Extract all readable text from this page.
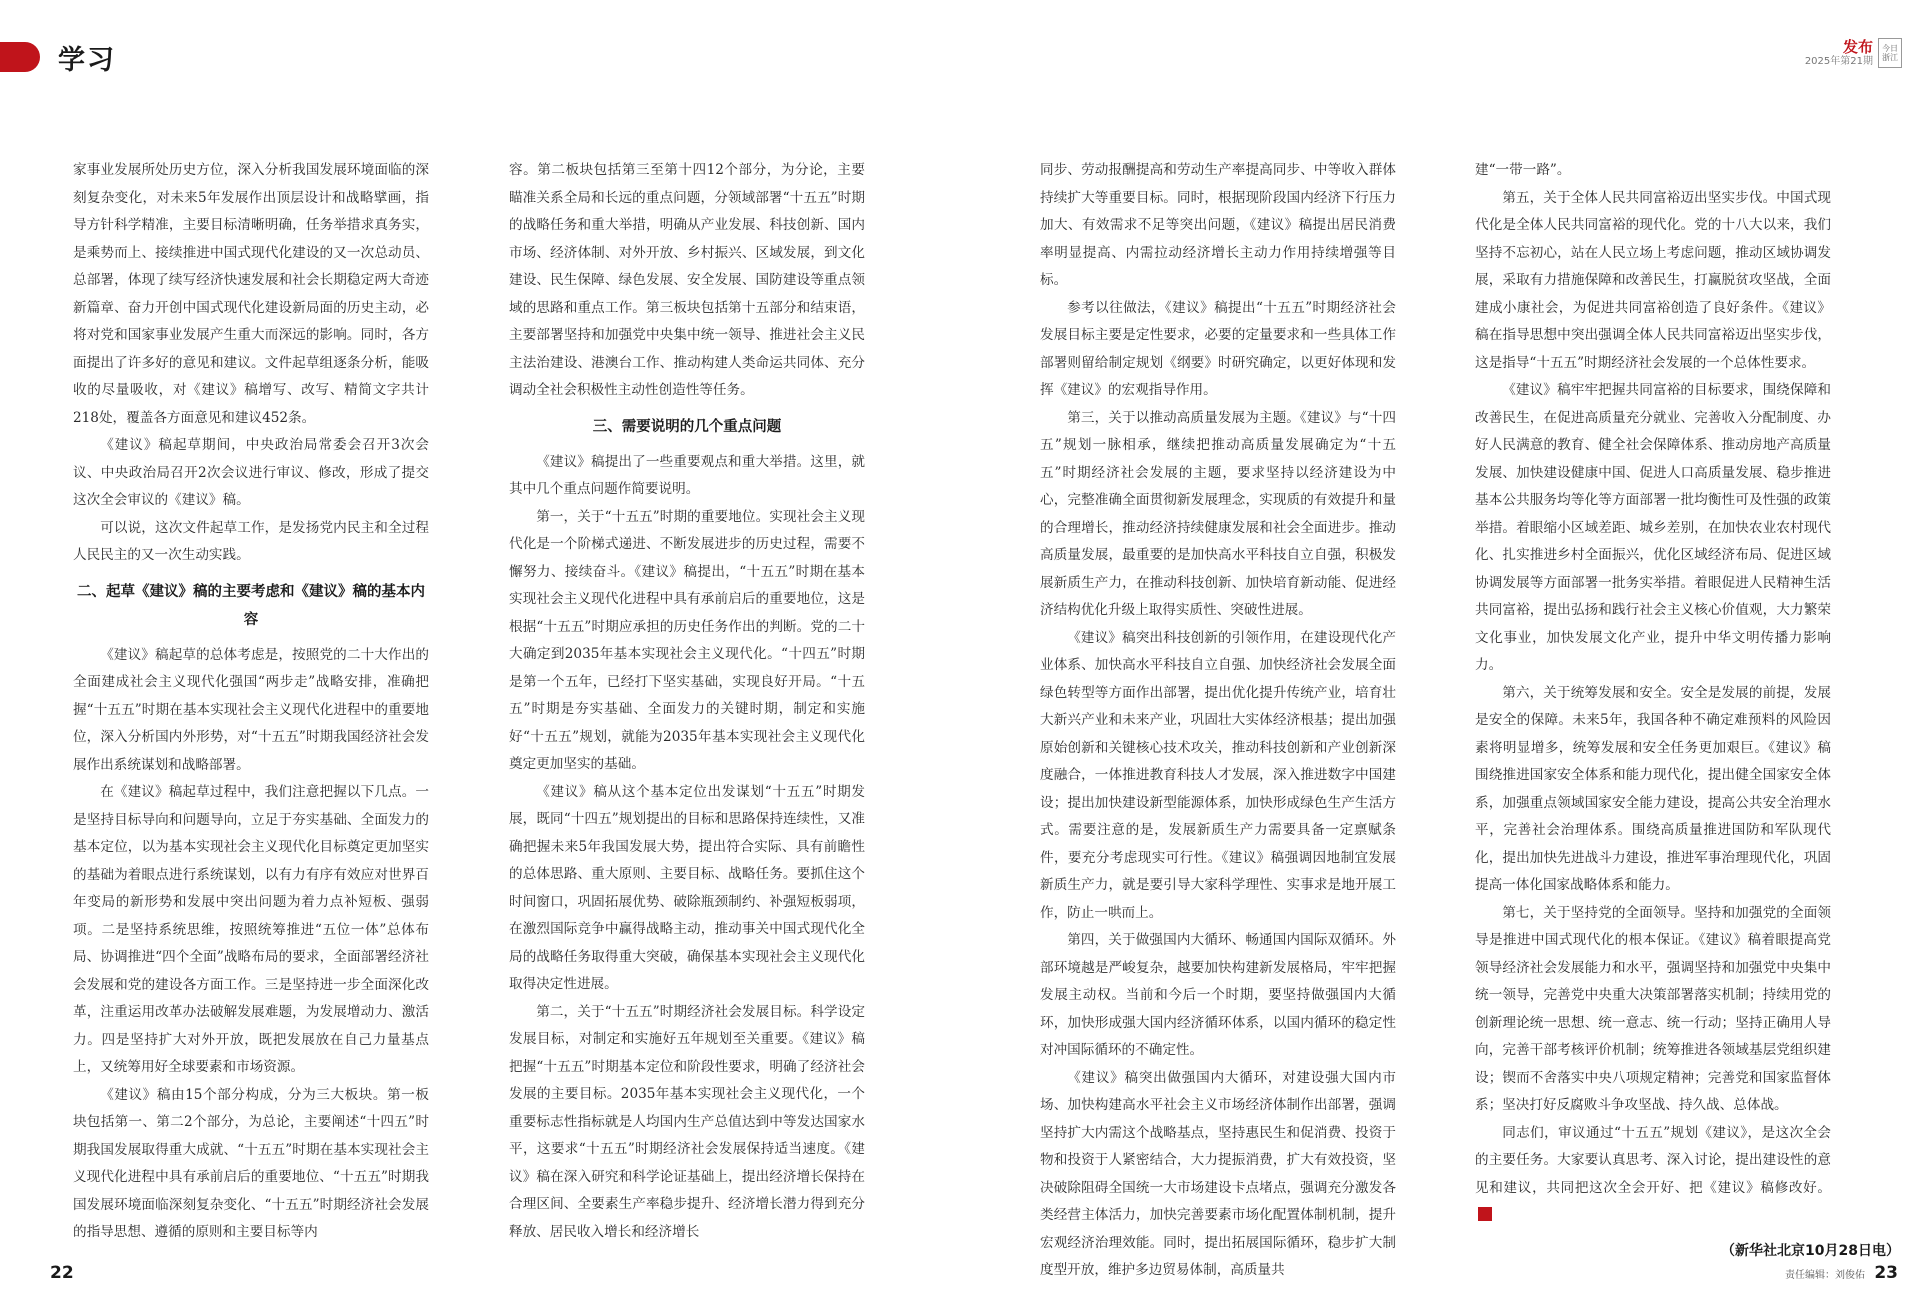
学习	发布
2025年第21期
今日
浙江

家事业发展所处历史方位，深入分析我国发展环境面临的深刻复杂变化，对未来5年发展作出顶层设计和战略擘画，指导方针科学精准，主要目标清晰明确，任务举措求真务实，是乘势而上、接续推进中国式现代化建设的又一次总动员、总部署，体现了续写经济快速发展和社会长期稳定两大奇迹新篇章、奋力开创中国式现代化建设新局面的历史主动，必将对党和国家事业发展产生重大而深远的影响。同时，各方面提出了许多好的意见和建议。文件起草组逐条分析，能吸收的尽量吸收，对《建议》稿增写、改写、精简文字共计218处，覆盖各方面意见和建议452条。

《建议》稿起草期间，中央政治局常委会召开3次会议、中央政治局召开2次会议进行审议、修改，形成了提交这次全会审议的《建议》稿。

可以说，这次文件起草工作，是发扬党内民主和全过程人民民主的又一次生动实践。

二、起草《建议》稿的主要考虑和《建议》稿的基本内容

《建议》稿起草的总体考虑是，按照党的二十大作出的全面建成社会主义现代化强国“两步走”战略安排，准确把握“十五五”时期在基本实现社会主义现代化进程中的重要地位，深入分析国内外形势，对“十五五”时期我国经济社会发展作出系统谋划和战略部署。

在《建议》稿起草过程中，我们注意把握以下几点。一是坚持目标导向和问题导向，立足于夯实基础、全面发力的基本定位，以为基本实现社会主义现代化目标奠定更加坚实的基础为着眼点进行系统谋划，以有力有序有效应对世界百年变局的新形势和发展中突出问题为着力点补短板、强弱项。二是坚持系统思维，按照统筹推进“五位一体”总体布局、协调推进“四个全面”战略布局的要求，全面部署经济社会发展和党的建设各方面工作。三是坚持进一步全面深化改革，注重运用改革办法破解发展难题，为发展增动力、激活力。四是坚持扩大对外开放，既把发展放在自己力量基点上，又统筹用好全球要素和市场资源。

《建议》稿由15个部分构成，分为三大板块。第一板块包括第一、第二2个部分，为总论，主要阐述“十四五”时期我国发展取得重大成就、“十五五”时期在基本实现社会主义现代化进程中具有承前启后的重要地位、“十五五”时期我国发展环境面临深刻复杂变化、“十五五”时期经济社会发展的指导思想、遵循的原则和主要目标等内

容。第二板块包括第三至第十四12个部分，为分论，主要瞄准关系全局和长远的重点问题，分领域部署“十五五”时期的战略任务和重大举措，明确从产业发展、科技创新、国内市场、经济体制、对外开放、乡村振兴、区域发展，到文化建设、民生保障、绿色发展、安全发展、国防建设等重点领域的思路和重点工作。第三板块包括第十五部分和结束语，主要部署坚持和加强党中央集中统一领导、推进社会主义民主法治建设、港澳台工作、推动构建人类命运共同体、充分调动全社会积极性主动性创造性等任务。

三、需要说明的几个重点问题

《建议》稿提出了一些重要观点和重大举措。这里，就其中几个重点问题作简要说明。

第一，关于“十五五”时期的重要地位。实现社会主义现代化是一个阶梯式递进、不断发展进步的历史过程，需要不懈努力、接续奋斗。《建议》稿提出，“十五五”时期在基本实现社会主义现代化进程中具有承前启后的重要地位，这是根据“十五五”时期应承担的历史任务作出的判断。党的二十大确定到2035年基本实现社会主义现代化。“十四五”时期是第一个五年，已经打下坚实基础，实现良好开局。“十五五”时期是夯实基础、全面发力的关键时期，制定和实施好“十五五”规划，就能为2035年基本实现社会主义现代化奠定更加坚实的基础。

《建议》稿从这个基本定位出发谋划“十五五”时期发展，既同“十四五”规划提出的目标和思路保持连续性，又准确把握未来5年我国发展大势，提出符合实际、具有前瞻性的总体思路、重大原则、主要目标、战略任务。要抓住这个时间窗口，巩固拓展优势、破除瓶颈制约、补强短板弱项，在激烈国际竞争中赢得战略主动，推动事关中国式现代化全局的战略任务取得重大突破，确保基本实现社会主义现代化取得决定性进展。

第二，关于“十五五”时期经济社会发展目标。科学设定发展目标，对制定和实施好五年规划至关重要。《建议》稿把握“十五五”时期基本定位和阶段性要求，明确了经济社会发展的主要目标。2035年基本实现社会主义现代化，一个重要标志性指标就是人均国内生产总值达到中等发达国家水平，这要求“十五五”时期经济社会发展保持适当速度。《建议》稿在深入研究和科学论证基础上，提出经济增长保持在合理区间、全要素生产率稳步提升、经济增长潜力得到充分释放、居民收入增长和经济增长

同步、劳动报酬提高和劳动生产率提高同步、中等收入群体持续扩大等重要目标。同时，根据现阶段国内经济下行压力加大、有效需求不足等突出问题，《建议》稿提出居民消费率明显提高、内需拉动经济增长主动力作用持续增强等目标。

参考以往做法，《建议》稿提出“十五五”时期经济社会发展目标主要是定性要求，必要的定量要求和一些具体工作部署则留给制定规划《纲要》时研究确定，以更好体现和发挥《建议》的宏观指导作用。

第三，关于以推动高质量发展为主题。《建议》与“十四五”规划一脉相承，继续把推动高质量发展确定为“十五五”时期经济社会发展的主题，要求坚持以经济建设为中心，完整准确全面贯彻新发展理念，实现质的有效提升和量的合理增长，推动经济持续健康发展和社会全面进步。推动高质量发展，最重要的是加快高水平科技自立自强，积极发展新质生产力，在推动科技创新、加快培育新动能、促进经济结构优化升级上取得实质性、突破性进展。

《建议》稿突出科技创新的引领作用，在建设现代化产业体系、加快高水平科技自立自强、加快经济社会发展全面绿色转型等方面作出部署，提出优化提升传统产业，培育壮大新兴产业和未来产业，巩固壮大实体经济根基；提出加强原始创新和关键核心技术攻关，推动科技创新和产业创新深度融合，一体推进教育科技人才发展，深入推进数字中国建设；提出加快建设新型能源体系，加快形成绿色生产生活方式。需要注意的是，发展新质生产力需要具备一定禀赋条件，要充分考虑现实可行性。《建议》稿强调因地制宜发展新质生产力，就是要引导大家科学理性、实事求是地开展工作，防止一哄而上。

第四，关于做强国内大循环、畅通国内国际双循环。外部环境越是严峻复杂，越要加快构建新发展格局，牢牢把握发展主动权。当前和今后一个时期，要坚持做强国内大循环，加快形成强大国内经济循环体系，以国内循环的稳定性对冲国际循环的不确定性。

《建议》稿突出做强国内大循环，对建设强大国内市场、加快构建高水平社会主义市场经济体制作出部署，强调坚持扩大内需这个战略基点，坚持惠民生和促消费、投资于物和投资于人紧密结合，大力提振消费，扩大有效投资，坚决破除阻碍全国统一大市场建设卡点堵点，强调充分激发各类经营主体活力，加快完善要素市场化配置体制机制，提升宏观经济治理效能。同时，提出拓展国际循环，稳步扩大制度型开放，维护多边贸易体制，高质量共

建“一带一路”。

第五，关于全体人民共同富裕迈出坚实步伐。中国式现代化是全体人民共同富裕的现代化。党的十八大以来，我们坚持不忘初心，站在人民立场上考虑问题，推动区域协调发展，采取有力措施保障和改善民生，打赢脱贫攻坚战，全面建成小康社会，为促进共同富裕创造了良好条件。《建议》稿在指导思想中突出强调全体人民共同富裕迈出坚实步伐，这是指导“十五五”时期经济社会发展的一个总体性要求。

《建议》稿牢牢把握共同富裕的目标要求，围绕保障和改善民生，在促进高质量充分就业、完善收入分配制度、办好人民满意的教育、健全社会保障体系、推动房地产高质量发展、加快建设健康中国、促进人口高质量发展、稳步推进基本公共服务均等化等方面部署一批均衡性可及性强的政策举措。着眼缩小区域差距、城乡差别，在加快农业农村现代化、扎实推进乡村全面振兴，优化区域经济布局、促进区域协调发展等方面部署一批务实举措。着眼促进人民精神生活共同富裕，提出弘扬和践行社会主义核心价值观，大力繁荣文化事业，加快发展文化产业，提升中华文明传播力影响力。

第六，关于统筹发展和安全。安全是发展的前提，发展是安全的保障。未来5年，我国各种不确定难预料的风险因素将明显增多，统筹发展和安全任务更加艰巨。《建议》稿围绕推进国家安全体系和能力现代化，提出健全国家安全体系，加强重点领域国家安全能力建设，提高公共安全治理水平，完善社会治理体系。围绕高质量推进国防和军队现代化，提出加快先进战斗力建设，推进军事治理现代化，巩固提高一体化国家战略体系和能力。

第七，关于坚持党的全面领导。坚持和加强党的全面领导是推进中国式现代化的根本保证。《建议》稿着眼提高党领导经济社会发展能力和水平，强调坚持和加强党中央集中统一领导，完善党中央重大决策部署落实机制；持续用党的创新理论统一思想、统一意志、统一行动；坚持正确用人导向，完善干部考核评价机制；统筹推进各领域基层党组织建设；锲而不舍落实中央八项规定精神；完善党和国家监督体系；坚决打好反腐败斗争攻坚战、持久战、总体战。

同志们，审议通过“十五五”规划《建议》，是这次全会的主要任务。大家要认真思考、深入讨论，提出建设性的意见和建议，共同把这次全会开好、把《建议》稿修改好。

（新华社北京10月28日电）
责任编辑：刘俊佑
22	23
